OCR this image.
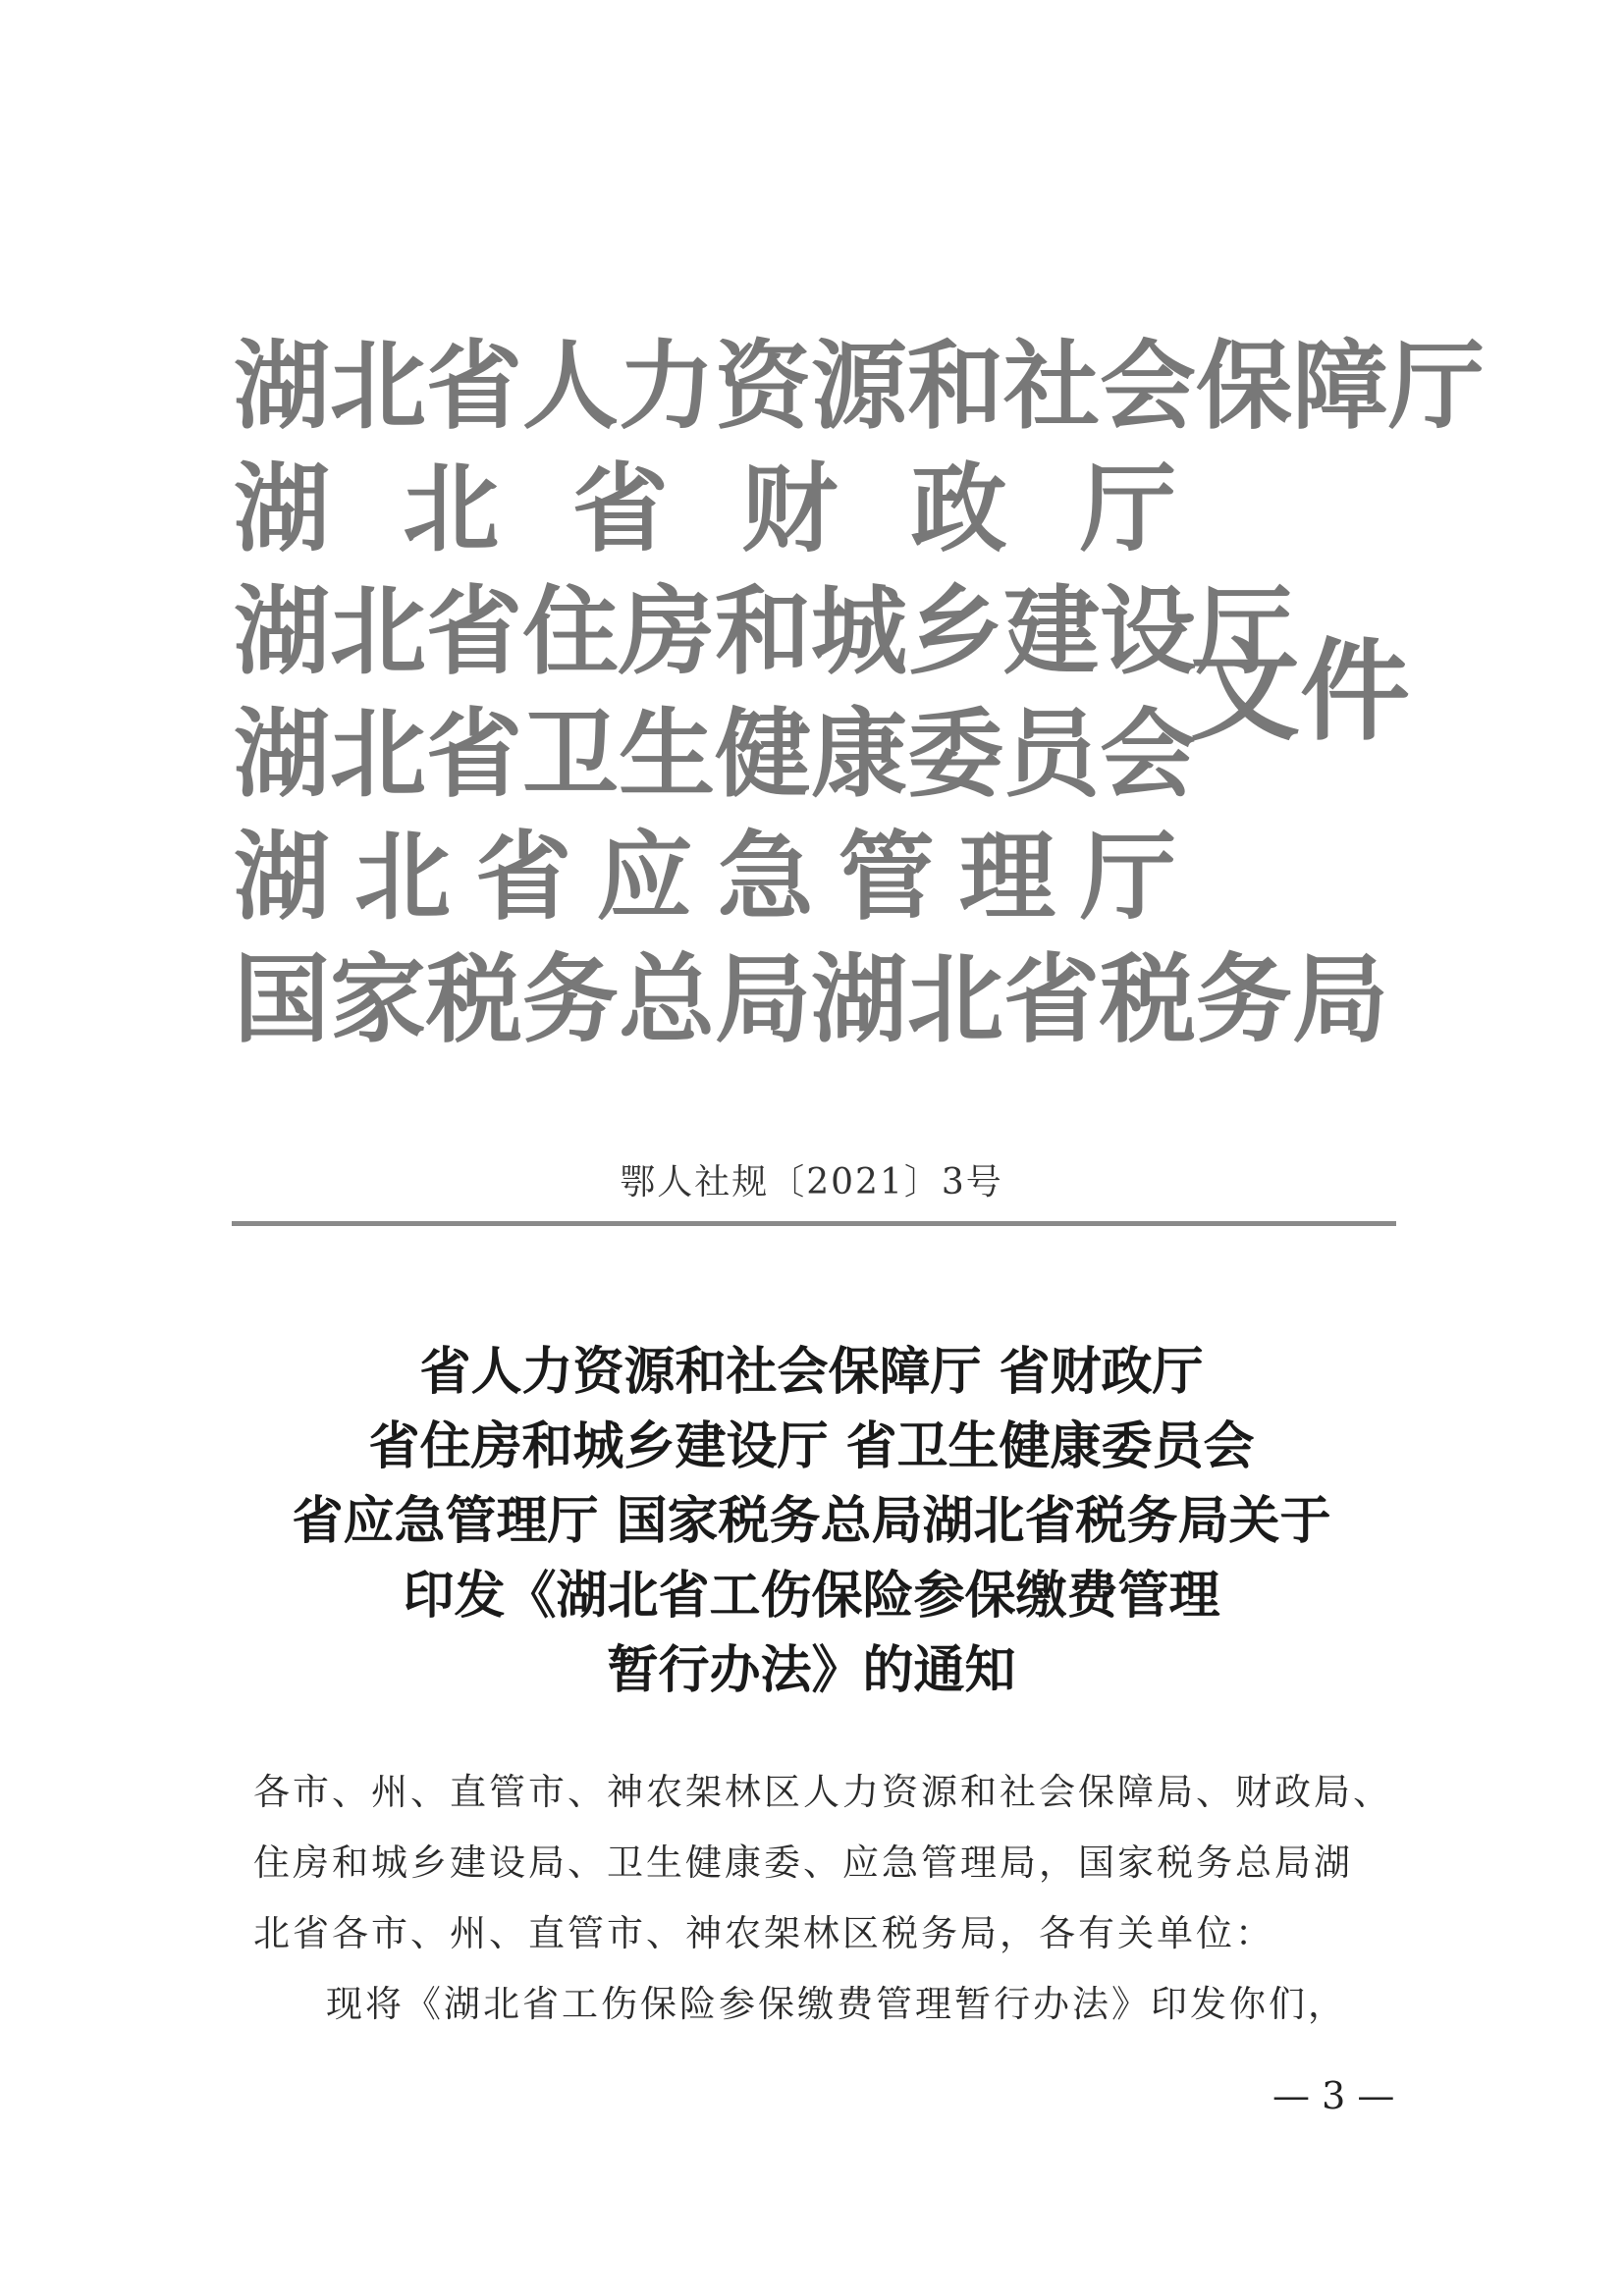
湖北省人力资源和社会保障厅
湖 北 省 财 政 厅
湖北省住房和城乡建设厅
湖 北 省 卫 生 健 康 委 员 会
湖 北 省 应 急 管 理 厅
国家税务总局湖北省税务局
文件
鄂人社规〔2021〕3号
省人力资源和社会保障厅 省财政厅
省住房和城乡建设厅 省卫生健康委员会
省应急管理厅 国家税务总局湖北省税务局关于
印发《湖北省工伤保险参保缴费管理
暂行办法》的通知
各市、州、直管市、神农架林区人力资源和社会保障局、财政局、
住房和城乡建设局、卫生健康委、应急管理局，国家税务总局湖
北省各市、州、直管市、神农架林区税务局，各有关单位：
现将《湖北省工伤保险参保缴费管理暂行办法》印发你们，
— 3 —
